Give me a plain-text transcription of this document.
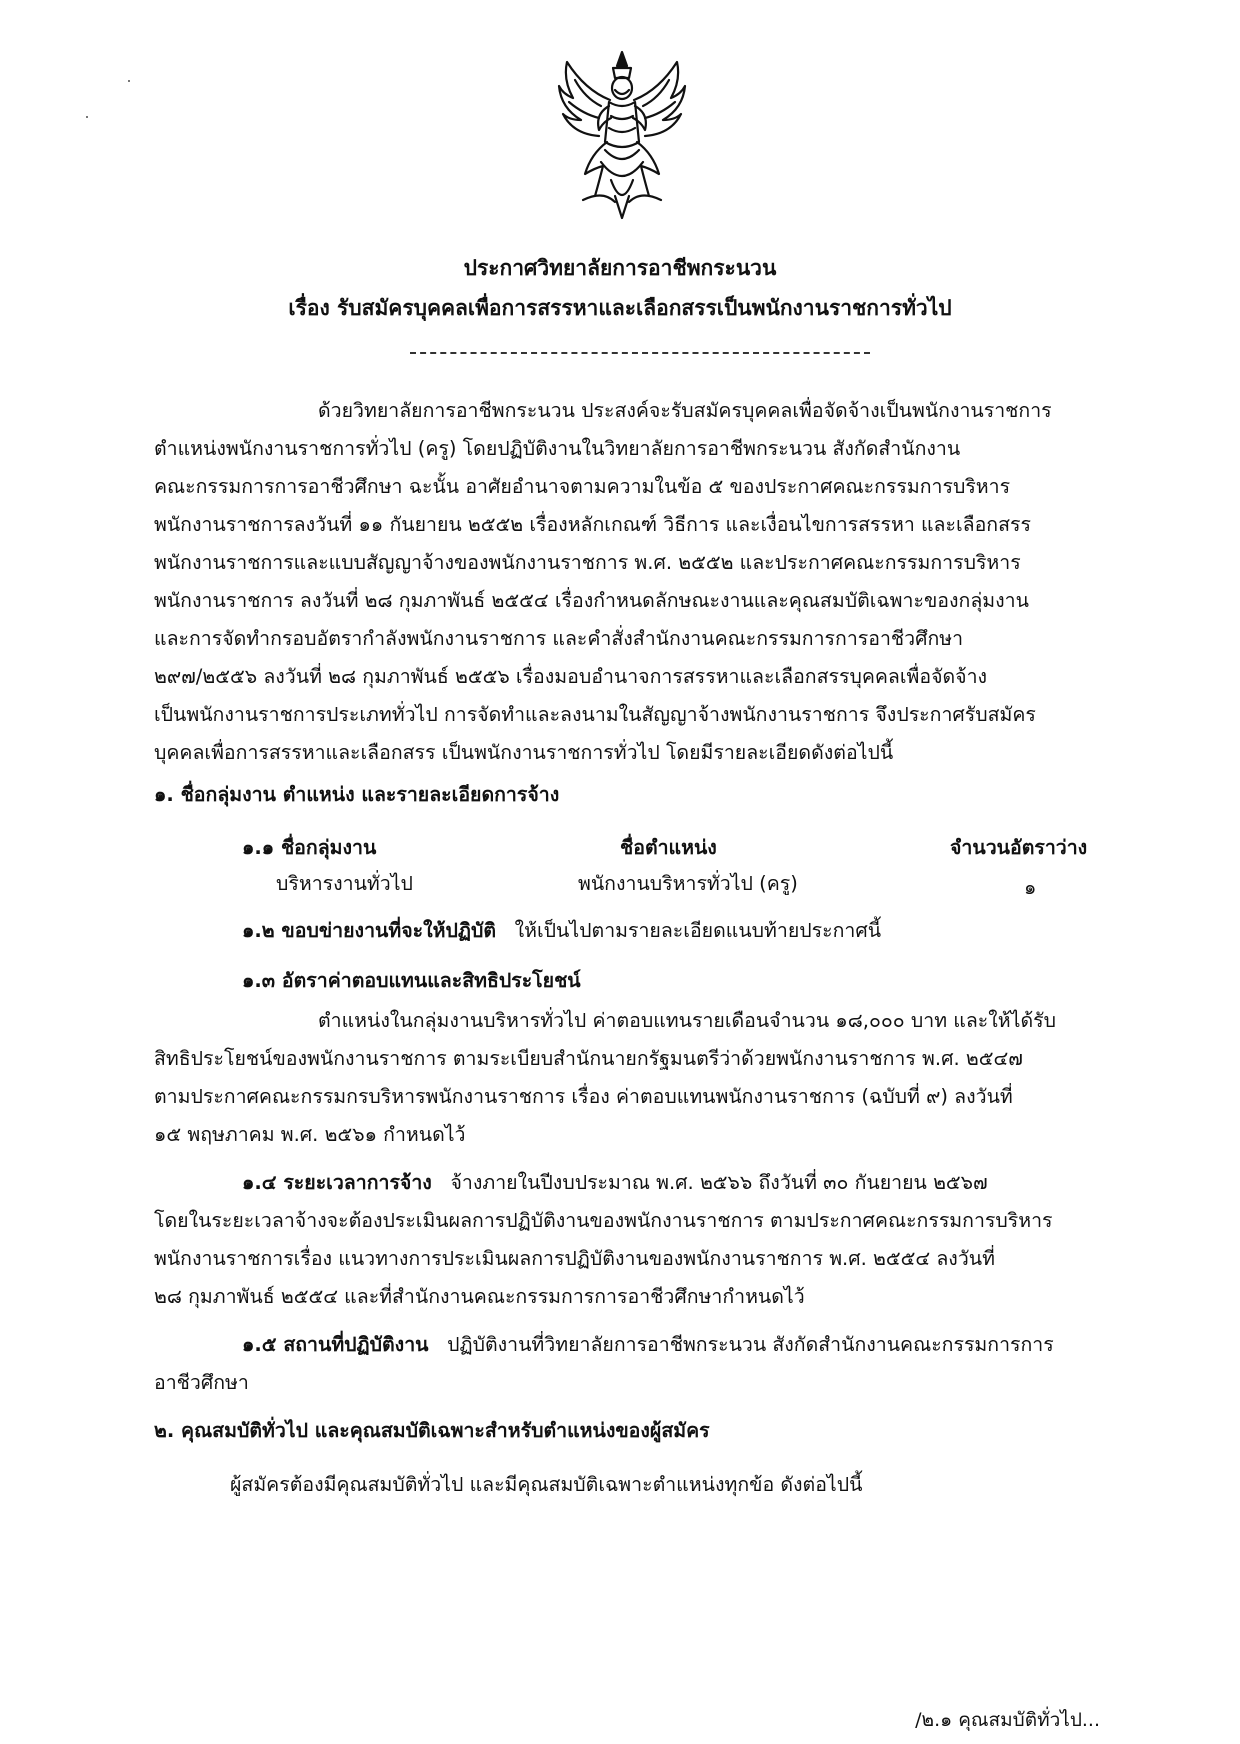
ประกาศวิทยาลัยการอาชีพกระนวน
เรื่อง รับสมัครบุคคลเพื่อการสรรหาและเลือกสรรเป็นพนักงานราชการทั่วไป
ด้วยวิทยาลัยการอาชีพกระนวน ประสงค์จะรับสมัครบุคคลเพื่อจัดจ้างเป็นพนักงานราชการ
ตำแหน่งพนักงานราชการทั่วไป (ครู) โดยปฏิบัติงานในวิทยาลัยการอาชีพกระนวน สังกัดสำนักงาน
คณะกรรมการการอาชีวศึกษา ฉะนั้น อาศัยอำนาจตามความในข้อ ๕ ของประกาศคณะกรรมการบริหาร
พนักงานราชการลงวันที่ ๑๑ กันยายน ๒๕๕๒ เรื่องหลักเกณฑ์ วิธีการ และเงื่อนไขการสรรหา และเลือกสรร
พนักงานราชการและแบบสัญญาจ้างของพนักงานราชการ พ.ศ. ๒๕๕๒ และประกาศคณะกรรมการบริหาร
พนักงานราชการ ลงวันที่ ๒๘ กุมภาพันธ์ ๒๕๕๔ เรื่องกำหนดลักษณะงานและคุณสมบัติเฉพาะของกลุ่มงาน
และการจัดทำกรอบอัตรากำลังพนักงานราชการ และคำสั่งสำนักงานคณะกรรมการการอาชีวศึกษา
๒๙๗/๒๕๕๖ ลงวันที่ ๒๘ กุมภาพันธ์ ๒๕๕๖ เรื่องมอบอำนาจการสรรหาและเลือกสรรบุคคลเพื่อจัดจ้าง
เป็นพนักงานราชการประเภททั่วไป การจัดทำและลงนามในสัญญาจ้างพนักงานราชการ จึงประกาศรับสมัคร
บุคคลเพื่อการสรรหาและเลือกสรร เป็นพนักงานราชการทั่วไป โดยมีรายละเอียดดังต่อไปนี้
๑. ชื่อกลุ่มงาน ตำแหน่ง และรายละเอียดการจ้าง
๑.๑ ชื่อกลุ่มงาน	ชื่อตำแหน่ง	จำนวนอัตราว่าง
บริหารงานทั่วไป	พนักงานบริหารทั่วไป (ครู)	๑
๑.๒ ขอบข่ายงานที่จะให้ปฏิบัติ ให้เป็นไปตามรายละเอียดแนบท้ายประกาศนี้
๑.๓ อัตราค่าตอบแทนและสิทธิประโยชน์
ตำแหน่งในกลุ่มงานบริหารทั่วไป ค่าตอบแทนรายเดือนจำนวน ๑๘,๐๐๐ บาท และให้ได้รับ
สิทธิประโยชน์ของพนักงานราชการ ตามระเบียบสำนักนายกรัฐมนตรีว่าด้วยพนักงานราชการ พ.ศ. ๒๕๔๗
ตามประกาศคณะกรรมกรบริหารพนักงานราชการ เรื่อง ค่าตอบแทนพนักงานราชการ (ฉบับที่ ๙) ลงวันที่
๑๕ พฤษภาคม พ.ศ. ๒๕๖๑ กำหนดไว้
๑.๔ ระยะเวลาการจ้าง จ้างภายในปีงบประมาณ พ.ศ. ๒๕๖๖ ถึงวันที่ ๓๐ กันยายน ๒๕๖๗
โดยในระยะเวลาจ้างจะต้องประเมินผลการปฏิบัติงานของพนักงานราชการ ตามประกาศคณะกรรมการบริหาร
พนักงานราชการเรื่อง แนวทางการประเมินผลการปฏิบัติงานของพนักงานราชการ พ.ศ. ๒๕๕๔ ลงวันที่
๒๘ กุมภาพันธ์ ๒๕๕๔ และที่สำนักงานคณะกรรมการการอาชีวศึกษากำหนดไว้
๑.๕ สถานที่ปฏิบัติงาน ปฏิบัติงานที่วิทยาลัยการอาชีพกระนวน สังกัดสำนักงานคณะกรรมการการ
อาชีวศึกษา
๒. คุณสมบัติทั่วไป และคุณสมบัติเฉพาะสำหรับตำแหน่งของผู้สมัคร
ผู้สมัครต้องมีคุณสมบัติทั่วไป และมีคุณสมบัติเฉพาะตำแหน่งทุกข้อ ดังต่อไปนี้
/๒.๑ คุณสมบัติทั่วไป...
